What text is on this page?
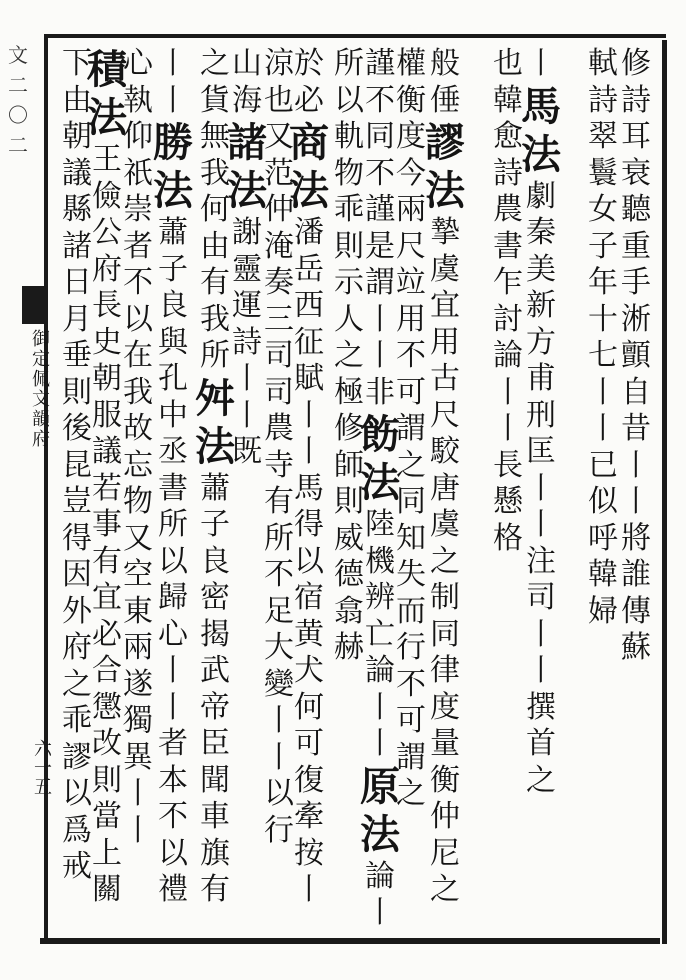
文二〇二
御定佩文韻府
六一五
修
詩
耳
衰
聽
重
手
淅
顫
自
昔
丨
丨
將
誰
傳
蘇
軾
詩
翠
鬟
女
子
年
十
七
丨
丨
已
似
呼
韓
婦
丨
馬
法
劇
秦
美
新
方
甫
刑
匡
丨
丨
注
司
丨
丨
撰
首
之
也
韓
愈
詩
農
書
乍
討
論
丨
丨
長
懸
格
般
倕
謬
法
摯
虞
宜
用
古
尺
駮
唐
虞
之
制
同
律
度
量
衡
仲
尼
之
權
衡
度
今
兩
尺
竝
用
不
可
謂
之
同
知
失
而
行
不
可
謂
之
謹
不
同
不
謹
是
謂
丨
丨
非
飭
法
陸
機
辨
亡
論
丨
丨
原
法
論
丨
所
以
軌
物
乖
則
示
人
之
極
修
師
則
威
德
翕
赫
於
必
商
法
潘
岳
西
征
賦
丨
丨
馬
得
以
宿
黄
犬
何
可
復
牽
按
丨
涼
也
又
范
仲
淹
奏
三
司
司
農
寺
有
所
不
足
大
變
丨
丨
以
行
山
海
諸
法
謝
靈
運
詩
丨
丨
既
之
貨
無
我
何
由
有
我
所
舛
法
蕭
子
良
密
揭
武
帝
臣
聞
車
旗
有
丨
丨
勝
法
蕭
子
良
與
孔
中
丞
書
所
以
歸
心
丨
丨
者
本
不
以
禮
心
執
仰
祇
崇
者
不
以
在
我
故
忘
物
又
空
東
兩
遂
獨
異
丨
丨
積
法
王
儉
公
府
長
史
朝
服
議
若
事
有
宜
必
合
懲
改
則
當
上
關
下
由
朝
議
縣
諸
日
月
垂
則
後
昆
豈
得
因
外
府
之
乖
謬
以
爲
戒
